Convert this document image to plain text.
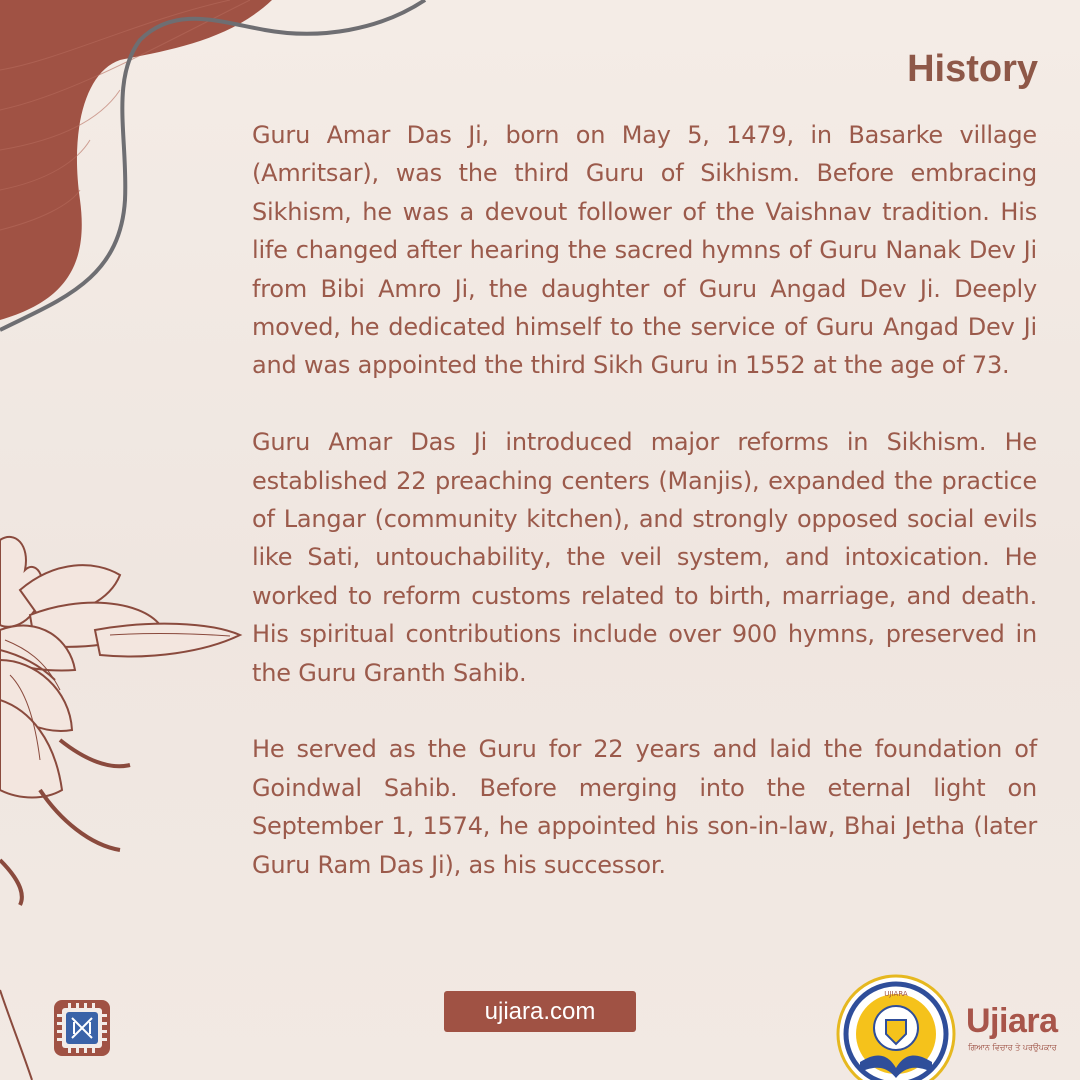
History

Guru Amar Das Ji, born on May 5, 1479, in Basarke village (Amritsar), was the third Guru of Sikhism. Before embracing Sikhism, he was a devout follower of the Vaishnav tradition. His life changed after hearing the sacred hymns of Guru Nanak Dev Ji from Bibi Amro Ji, the daughter of Guru Angad Dev Ji. Deeply moved, he dedicated himself to the service of Guru Angad Dev Ji and was appointed the third Sikh Guru in 1552 at the age of 73.

Guru Amar Das Ji introduced major reforms in Sikhism. He established 22 preaching centers (Manjis), expanded the practice of Langar (community kitchen), and strongly opposed social evils like Sati, untouchability, the veil system, and intoxication. He worked to reform customs related to birth, marriage, and death. His spiritual contributions include over 900 hymns, preserved in the Guru Granth Sahib.

He served as the Guru for 22 years and laid the foundation of Goindwal Sahib. Before merging into the eternal light on September 1, 1574, he appointed his son-in-law, Bhai Jetha (later Guru Ram Das Ji), as his successor.

ujiara.com
UJIARA
Ujiara
ਗਿਆਨ ਵਿਚਾਰ ਤੇ ਪਰਉਪਕਾਰ
